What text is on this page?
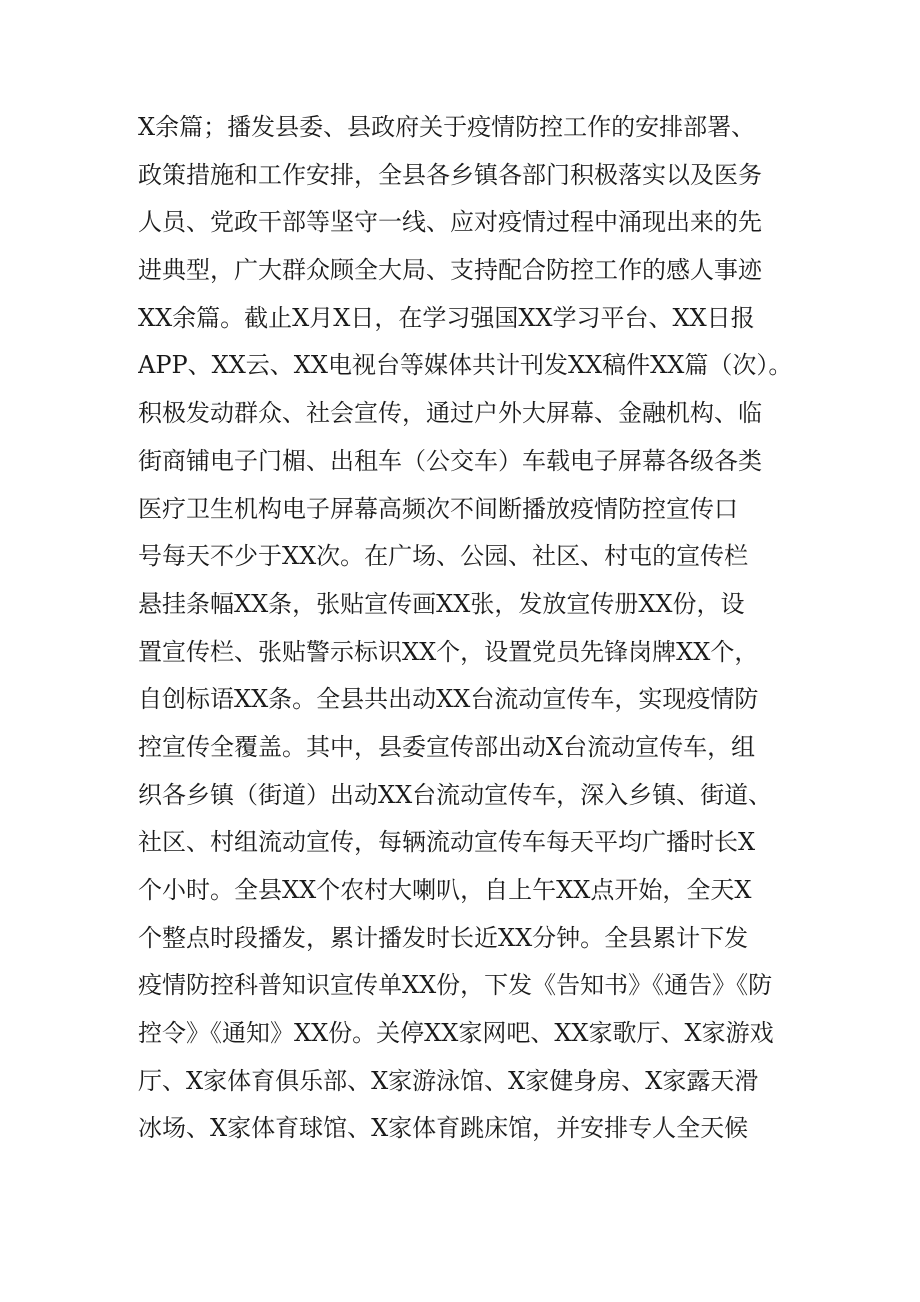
X余篇；播发县委、县政府关于疫情防控工作的安排部署、
政策措施和工作安排，全县各乡镇各部门积极落实以及医务
人员、党政干部等坚守一线、应对疫情过程中涌现出来的先
进典型，广大群众顾全大局、支持配合防控工作的感人事迹
XX余篇。截止X月X日，在学习强国XX学习平台、XX日报
APP、XX云、XX电视台等媒体共计刊发XX稿件XX篇（次）。
积极发动群众、社会宣传，通过户外大屏幕、金融机构、临
街商铺电子门楣、出租车（公交车）车载电子屏幕各级各类
医疗卫生机构电子屏幕高频次不间断播放疫情防控宣传口
号每天不少于XX次。在广场、公园、社区、村屯的宣传栏
悬挂条幅XX条，张贴宣传画XX张，发放宣传册XX份，设
置宣传栏、张贴警示标识XX个，设置党员先锋岗牌XX个，
自创标语XX条。全县共出动XX台流动宣传车，实现疫情防
控宣传全覆盖。其中，县委宣传部出动X台流动宣传车，组
织各乡镇（街道）出动XX台流动宣传车，深入乡镇、街道、
社区、村组流动宣传，每辆流动宣传车每天平均广播时长X
个小时。全县XX个农村大喇叭，自上午XX点开始，全天X
个整点时段播发，累计播发时长近XX分钟。全县累计下发
疫情防控科普知识宣传单XX份，下发《告知书》《通告》《防
控令》《通知》XX份。关停XX家网吧、XX家歌厅、X家游戏
厅、X家体育俱乐部、X家游泳馆、X家健身房、X家露天滑
冰场、X家体育球馆、X家体育跳床馆，并安排专人全天候
